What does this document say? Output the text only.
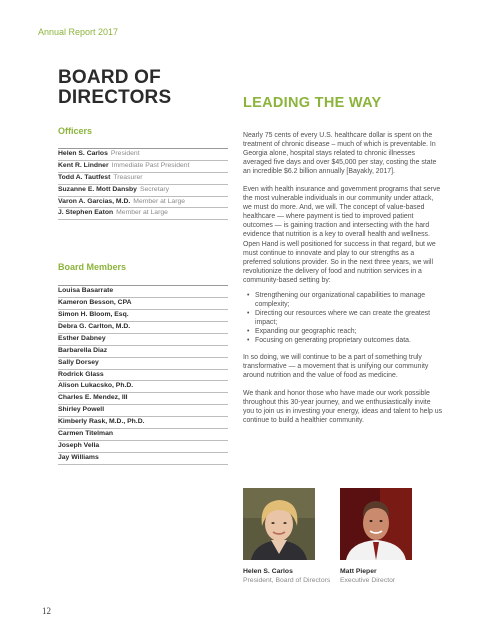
Annual Report 2017
BOARD OF
DIRECTORS
Officers
Helen S. Carlos President
Kent R. Lindner Immediate Past President
Todd A. Tautfest Treasurer
Suzanne E. Mott Dansby Secretary
Varon A. Garcias, M.D. Member at Large
J. Stephen Eaton Member at Large
Board Members
Louisa Basarrate
Kameron Besson, CPA
Simon H. Bloom, Esq.
Debra G. Carlton, M.D.
Esther Dabney
Barbarella Diaz
Sally Dorsey
Rodrick Glass
Alison Lukacsko, Ph.D.
Charles E. Mendez, III
Shirley Powell
Kimberly Rask, M.D., Ph.D.
Carmen Titelman
Joseph Vella
Jay Williams
LEADING THE WAY

Nearly 75 cents of every U.S. healthcare dollar is spent on the treatment of chronic disease – much of which is preventable. In Georgia alone, hospital stays related to chronic illnesses averaged five days and over $45,000 per stay, costing the state an incredible $6.2 billion annually [Bayakly, 2017].

Even with health insurance and government programs that serve the most vulnerable individuals in our community under attack, we must do more. And, we will. The concept of value-based healthcare — where payment is tied to improved patient outcomes — is gaining traction and intersecting with the hard evidence that nutrition is a key to overall health and wellness. Open Hand is well positioned for success in that regard, but we must continue to innovate and play to our strengths as a preferred solutions provider. So in the next three years, we will revolutionize the delivery of food and nutrition services in a community-based setting by:

• Strengthening our organizational capabilities to manage complexity;
• Directing our resources where we can create the greatest impact;
• Expanding our geographic reach;
• Focusing on generating proprietary outcomes data.

In so doing, we will continue to be a part of something truly transformative — a movement that is unifying our community around nutrition and the value of food as medicine.

We thank and honor those who have made our work possible throughout this 30-year journey, and we enthusiastically invite you to join us in investing your energy, ideas and talent to help us continue to build a healthier community.

Helen S. Carlos
President, Board of Directors
Matt Pieper
Executive Director
12
